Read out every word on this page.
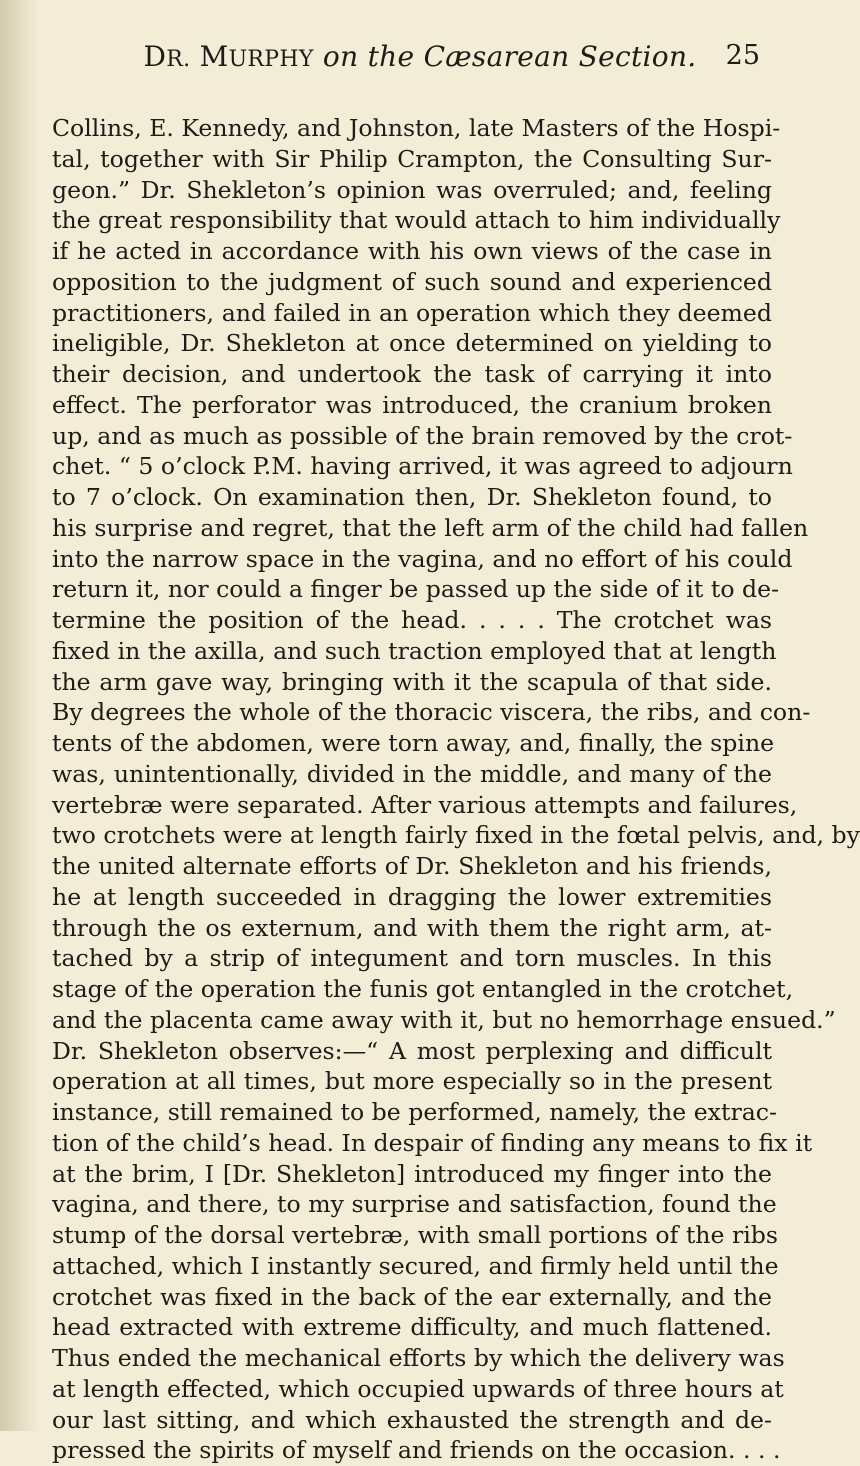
DR. MURPHY on the Cæsarean Section. 25
Collins, E. Kennedy, and Johnston, late Masters of the Hospi-
tal, together with Sir Philip Crampton, the Consulting Sur-
geon.” Dr. Shekleton’s opinion was overruled; and, feeling
the great responsibility that would attach to him individually
if he acted in accordance with his own views of the case in
opposition to the judgment of such sound and experienced
practitioners, and failed in an operation which they deemed
ineligible, Dr. Shekleton at once determined on yielding to
their decision, and undertook the task of carrying it into
effect. The perforator was introduced, the cranium broken
up, and as much as possible of the brain removed by the crot-
chet. “ 5 o’clock P.M. having arrived, it was agreed to adjourn
to 7 o’clock. On examination then, Dr. Shekleton found, to
his surprise and regret, that the left arm of the child had fallen
into the narrow space in the vagina, and no effort of his could
return it, nor could a finger be passed up the side of it to de-
termine the position of the head. . . . . The crotchet was
fixed in the axilla, and such traction employed that at length
the arm gave way, bringing with it the scapula of that side.
By degrees the whole of the thoracic viscera, the ribs, and con-
tents of the abdomen, were torn away, and, finally, the spine
was, unintentionally, divided in the middle, and many of the
vertebræ were separated. After various attempts and failures,
two crotchets were at length fairly fixed in the fœtal pelvis, and, by
the united alternate efforts of Dr. Shekleton and his friends,
he at length succeeded in dragging the lower extremities
through the os externum, and with them the right arm, at-
tached by a strip of integument and torn muscles. In this
stage of the operation the funis got entangled in the crotchet,
and the placenta came away with it, but no hemorrhage ensued.”
Dr. Shekleton observes:—“ A most perplexing and difficult
operation at all times, but more especially so in the present
instance, still remained to be performed, namely, the extrac-
tion of the child’s head. In despair of finding any means to fix it
at the brim, I [Dr. Shekleton] introduced my finger into the
vagina, and there, to my surprise and satisfaction, found the
stump of the dorsal vertebræ, with small portions of the ribs
attached, which I instantly secured, and firmly held until the
crotchet was fixed in the back of the ear externally, and the
head extracted with extreme difficulty, and much flattened.
Thus ended the mechanical efforts by which the delivery was
at length effected, which occupied upwards of three hours at
our last sitting, and which exhausted the strength and de-
pressed the spirits of myself and friends on the occasion. . . .
